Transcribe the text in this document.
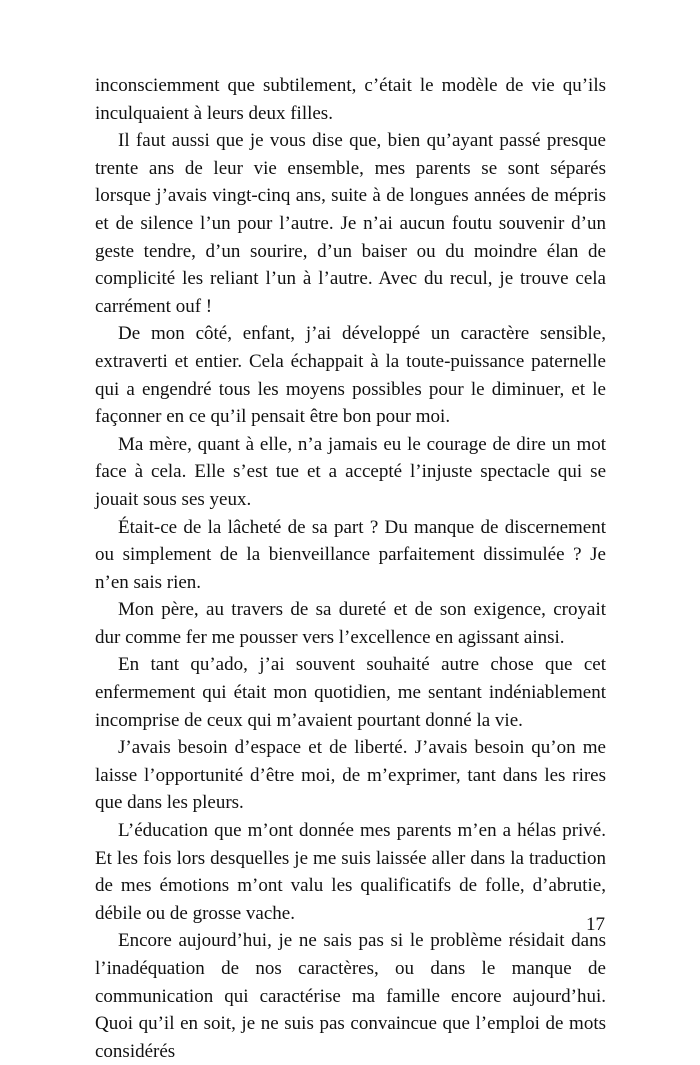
inconsciemment que subtilement, c’était le modèle de vie qu’ils inculquaient à leurs deux filles.

Il faut aussi que je vous dise que, bien qu’ayant passé presque trente ans de leur vie ensemble, mes parents se sont séparés lorsque j’avais vingt-cinq ans, suite à de longues années de mépris et de silence l’un pour l’autre. Je n’ai aucun foutu souvenir d’un geste tendre, d’un sourire, d’un baiser ou du moindre élan de complicité les reliant l’un à l’autre. Avec du recul, je trouve cela carrément ouf !

De mon côté, enfant, j’ai développé un caractère sensible, extraverti et entier. Cela échappait à la toute-puissance paternelle qui a engendré tous les moyens possibles pour le diminuer, et le façonner en ce qu’il pensait être bon pour moi.

Ma mère, quant à elle, n’a jamais eu le courage de dire un mot face à cela. Elle s’est tue et a accepté l’injuste spectacle qui se jouait sous ses yeux.

Était-ce de la lâcheté de sa part ? Du manque de discernement ou simplement de la bienveillance parfaitement dissimulée ? Je n’en sais rien.

Mon père, au travers de sa dureté et de son exigence, croyait dur comme fer me pousser vers l’excellence en agissant ainsi.

En tant qu’ado, j’ai souvent souhaité autre chose que cet enfermement qui était mon quotidien, me sentant indéniablement incomprise de ceux qui m’avaient pourtant donné la vie.

J’avais besoin d’espace et de liberté. J’avais besoin qu’on me laisse l’opportunité d’être moi, de m’exprimer, tant dans les rires que dans les pleurs.

L’éducation que m’ont donnée mes parents m’en a hélas privé. Et les fois lors desquelles je me suis laissée aller dans la traduction de mes émotions m’ont valu les qualificatifs de folle, d’abrutie, débile ou de grosse vache.

Encore aujourd’hui, je ne sais pas si le problème résidait dans l’inadéquation de nos caractères, ou dans le manque de communication qui caractérise ma famille encore aujourd’hui. Quoi qu’il en soit, je ne suis pas convaincue que l’emploi de mots considérés

17
